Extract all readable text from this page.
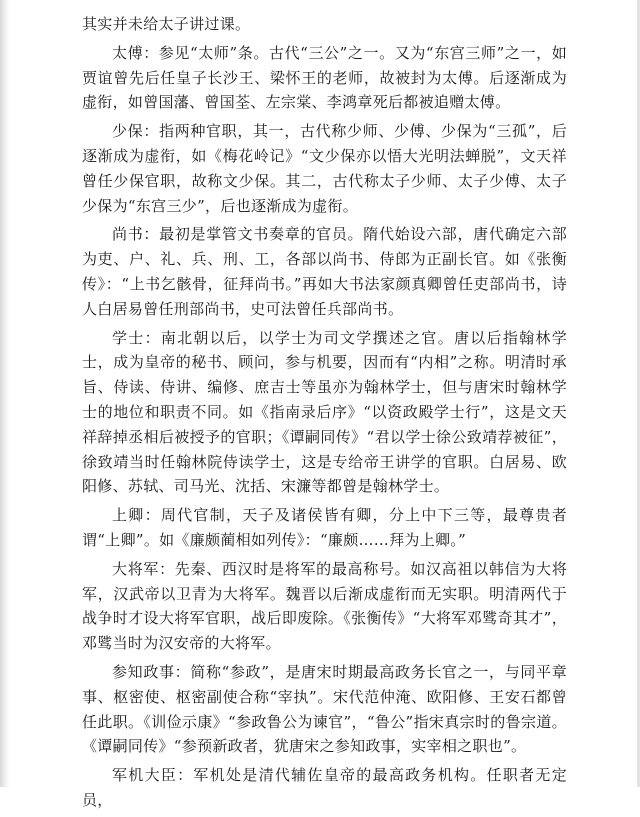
其实并未给太子讲过课。

太傅：参见“太师”条。古代“三公”之一。又为“东宫三师”之一，如贾谊曾先后任皇子长沙王、梁怀王的老师，故被封为太傅。后逐渐成为虚衔，如曾国藩、曾国荃、左宗棠、李鸿章死后都被追赠太傅。

少保：指两种官职，其一，古代称少师、少傅、少保为“三孤”，后逐渐成为虚衔，如《梅花岭记》“文少保亦以悟大光明法蝉脱”，文天祥曾任少保官职，故称文少保。其二，古代称太子少师、太子少傅、太子少保为“东宫三少”，后也逐渐成为虚衔。

尚书：最初是掌管文书奏章的官员。隋代始设六部，唐代确定六部为吏、户、礼、兵、刑、工，各部以尚书、侍郎为正副长官。如《张衡传》：“上书乞骸骨，征拜尚书。”再如大书法家颜真卿曾任吏部尚书，诗人白居易曾任刑部尚书，史可法曾任兵部尚书。

学士：南北朝以后，以学士为司文学撰述之官。唐以后指翰林学士，成为皇帝的秘书、顾问，参与机要，因而有“内相”之称。明清时承旨、侍读、侍讲、编修、庶吉士等虽亦为翰林学士，但与唐宋时翰林学士的地位和职责不同。如《指南录后序》“以资政殿学士行”，这是文天祥辞掉丞相后被授予的官职；《谭嗣同传》“君以学士徐公致靖荐被征”，徐致靖当时任翰林院侍读学士，这是专给帝王讲学的官职。白居易、欧阳修、苏轼、司马光、沈括、宋濂等都曾是翰林学士。

上卿：周代官制，天子及诸侯皆有卿，分上中下三等，最尊贵者谓“上卿”。如《廉颇蔺相如列传》：“廉颇……拜为上卿。”

大将军：先秦、西汉时是将军的最高称号。如汉高祖以韩信为大将军，汉武帝以卫青为大将军。魏晋以后渐成虚衔而无实职。明清两代于战争时才设大将军官职，战后即废除。《张衡传》“大将军邓骘奇其才”，邓骘当时为汉安帝的大将军。

参知政事：简称“参政”，是唐宋时期最高政务长官之一，与同平章事、枢密使、枢密副使合称“宰执”。宋代范仲淹、欧阳修、王安石都曾任此职。《训俭示康》“参政鲁公为谏官”，“鲁公”指宋真宗时的鲁宗道。《谭嗣同传》“参预新政者，犹唐宋之参知政事，实宰相之职也”。

军机大臣：军机处是清代辅佐皇帝的最高政务机构。任职者无定员，
